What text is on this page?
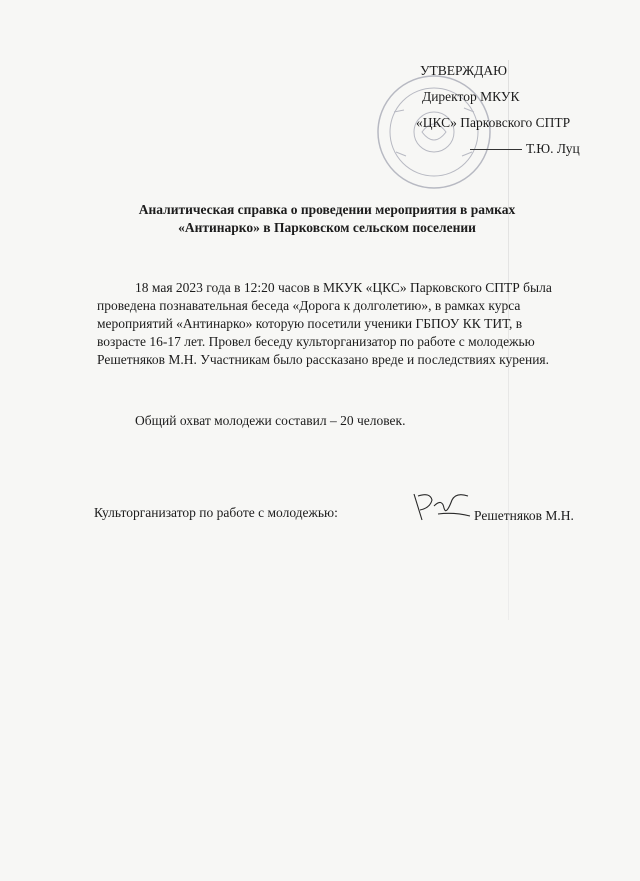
УТВЕРЖДАЮ
Директор МКУК
«ЦКС» Парковского СПТР
Т.Ю. Луц
Аналитическая справка о проведении мероприятия в рамках
«Антинарко» в Парковском сельском поселении

18 мая 2023 года в 12:20 часов в МКУК «ЦКС» Парковского СПТР была проведена познавательная беседа «Дорога к долголетию», в рамках курса мероприятий «Антинарко» которую посетили ученики ГБПОУ КК ТИТ, в возрасте 16-17 лет. Провел беседу культорганизатор по работе с молодежью Решетняков М.Н. Участникам было рассказано вреде и последствиях курения.

Общий охват молодежи составил – 20 человек.
Культорганизатор по работе с молодежью:	Решетняков М.Н.
